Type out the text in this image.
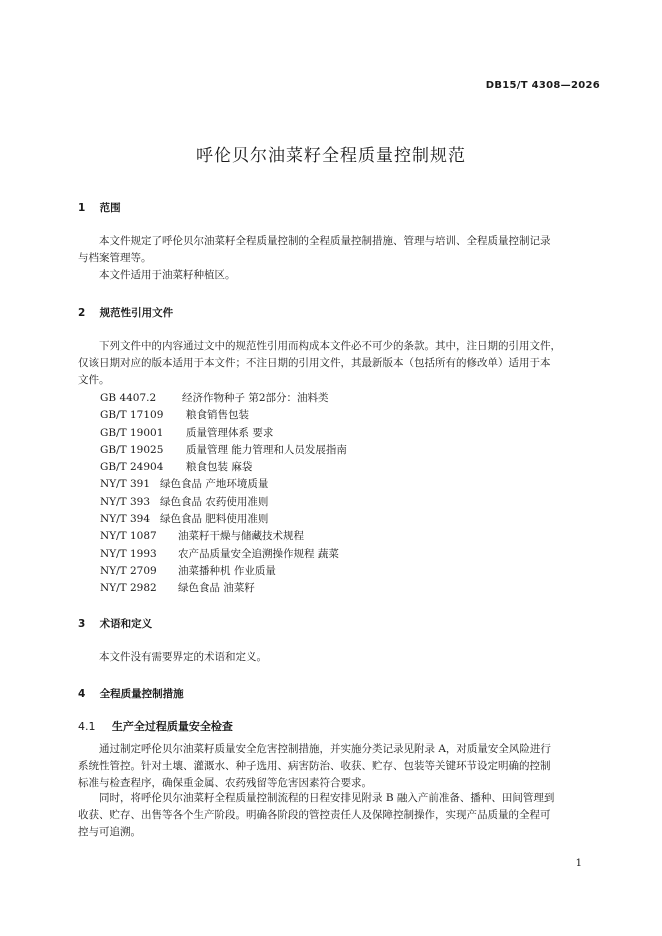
DB15/T 4308—2026
呼伦贝尔油菜籽全程质量控制规范
1 范围

本文件规定了呼伦贝尔油菜籽全程质量控制的全程质量控制措施、管理与培训、全程质量控制记录
与档案管理等。

本文件适用于油菜籽种植区。

2 规范性引用文件

下列文件中的内容通过文中的规范性引用而构成本文件必不可少的条款。其中，注日期的引用文件，
仅该日期对应的版本适用于本文件；不注日期的引用文件，其最新版本（包括所有的修改单）适用于本
文件。

GB 4407.2 经济作物种子 第2部分：油料类
GB/T 17109 粮食销售包装
GB/T 19001 质量管理体系 要求
GB/T 19025 质量管理 能力管理和人员发展指南
GB/T 24904 粮食包装 麻袋
NY/T 391 绿色食品 产地环境质量
NY/T 393 绿色食品 农药使用准则
NY/T 394 绿色食品 肥料使用准则
NY/T 1087 油菜籽干燥与储藏技术规程
NY/T 1993 农产品质量安全追溯操作规程 蔬菜
NY/T 2709 油菜播种机 作业质量
NY/T 2982 绿色食品 油菜籽
3 术语和定义

本文件没有需要界定的术语和定义。

4 全程质量控制措施
4.1 生产全过程质量安全检查

通过制定呼伦贝尔油菜籽质量安全危害控制措施，并实施分类记录见附录 A，对质量安全风险进行
系统性管控。针对土壤、灌溉水、种子选用、病害防治、收获、贮存、包装等关键环节设定明确的控制
标准与检查程序，确保重金属、农药残留等危害因素符合要求。

同时，将呼伦贝尔油菜籽全程质量控制流程的日程安排见附录 B 融入产前准备、播种、田间管理到
收获、贮存、出售等各个生产阶段。明确各阶段的管控责任人及保障控制操作，实现产品质量的全程可
控与可追溯。

1
